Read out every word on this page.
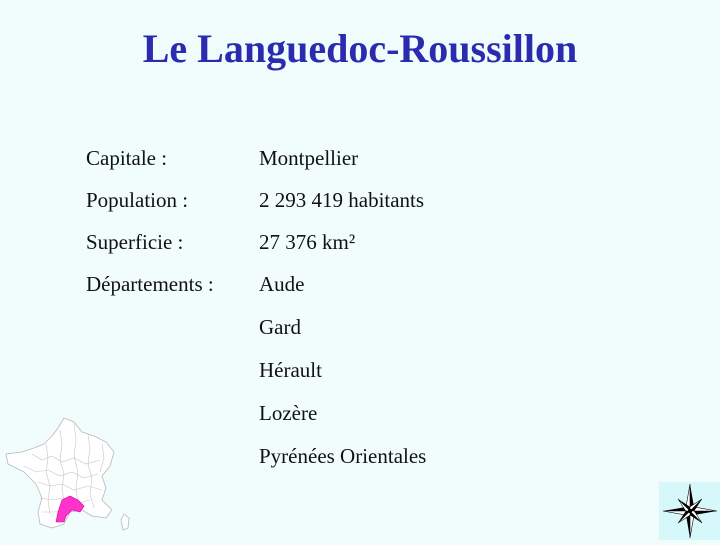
Le Languedoc-Roussillon
Capitale :	Montpellier
Population :	2 293 419 habitants
Superficie :	27 376 km²
Départements : Aude
Gard
Hérault
Lozère
Pyrénées Orientales
